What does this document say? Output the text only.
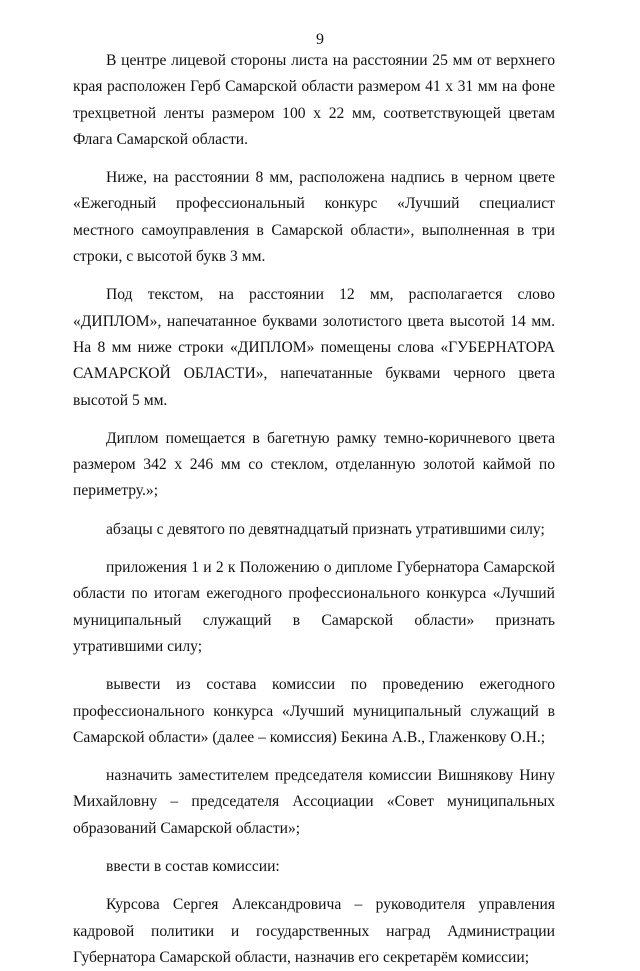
9

В центре лицевой стороны листа на расстоянии 25 мм от верхнего края расположен Герб Самарской области размером 41 х 31 мм на фоне трехцветной ленты размером 100 х 22 мм, соответствующей цветам Флага Самарской области.

Ниже, на расстоянии 8 мм, расположена надпись в черном цвете «Ежегодный профессиональный конкурс «Лучший специалист местного самоуправления в Самарской области», выполненная в три строки, с высотой букв 3 мм.

Под текстом, на расстоянии 12 мм, располагается слово «ДИПЛОМ», напечатанное буквами золотистого цвета высотой 14 мм. На 8 мм ниже строки «ДИПЛОМ» помещены слова «ГУБЕРНАТОРА САМАРСКОЙ ОБЛАСТИ», напечатанные буквами черного цвета высотой 5 мм.

Диплом помещается в багетную рамку темно-коричневого цвета размером 342 х 246 мм со стеклом, отделанную золотой каймой по периметру.»;

абзацы с девятого по девятнадцатый признать утратившими силу;

приложения 1 и 2 к Положению о дипломе Губернатора Самарской области по итогам ежегодного профессионального конкурса «Лучший муниципальный служащий в Самарской области» признать утратившими силу;

вывести из состава комиссии по проведению ежегодного профессионального конкурса «Лучший муниципальный служащий в Самарской области» (далее – комиссия) Бекина А.В., Глаженкову О.Н.;

назначить заместителем председателя комиссии Вишнякову Нину Михайловну – председателя Ассоциации «Совет муниципальных образований Самарской области»;

ввести в состав комиссии:

Курсова Сергея Александровича – руководителя управления кадровой политики и государственных наград Администрации Губернатора Самарской области, назначив его секретарём комиссии;
